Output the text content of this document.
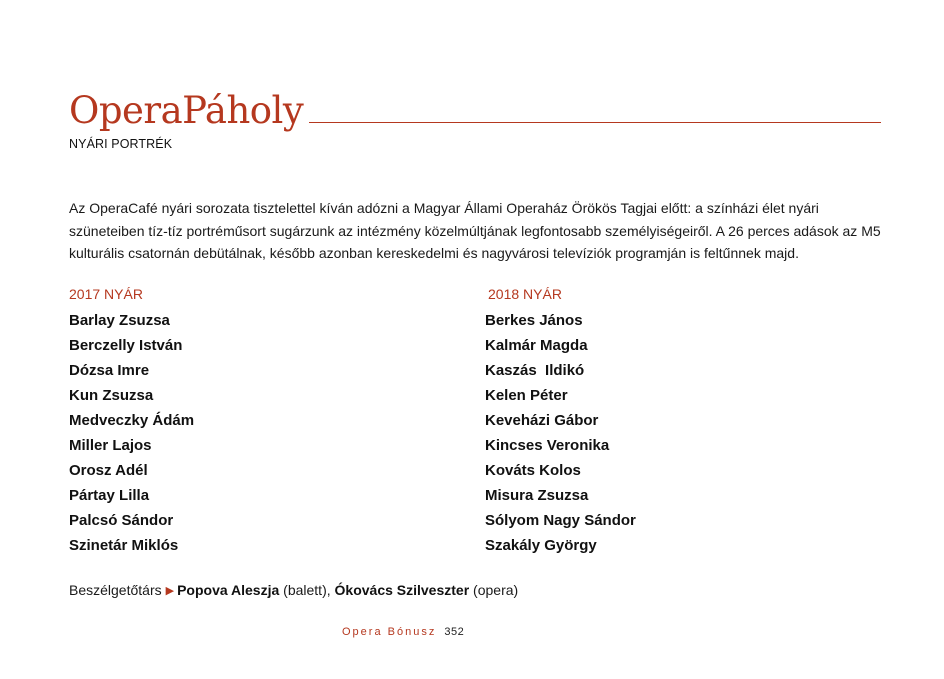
OperaPáholy
NYÁRI PORTRÉK

Az OperaCafé nyári sorozata tisztelettel kíván adózni a Magyar Állami Operaház Örökös Tagjai előtt: a színházi élet nyári szüneteiben tíz-tíz portréműsort sugárzunk az intézmény közelmúltjának legfontosabb személyiségeiről. A 26 perces adások az M5 kulturális csatornán debütálnak, később azonban kereskedelmi és nagyvárosi televíziók programján is feltűnnek majd.

2017 NYÁR	2018 NYÁR
Barlay Zsuzsa
Berczelly István
Dózsa Imre
Kun Zsuzsa
Medveczky Ádám
Miller Lajos
Orosz Adél
Pártay Lilla
Palcsó Sándor
Szinetár Miklós
Berkes János
Kalmár Magda
Kaszás  Ildikó
Kelen Péter
Keveházi Gábor
Kincses Veronika
Kováts Kolos
Misura Zsuzsa
Sólyom Nagy Sándor
Szakály György
Beszélgetőtárs ▶ Popova Aleszja (balett), Ókovács Szilveszter (opera)
Opera Bónusz 352
